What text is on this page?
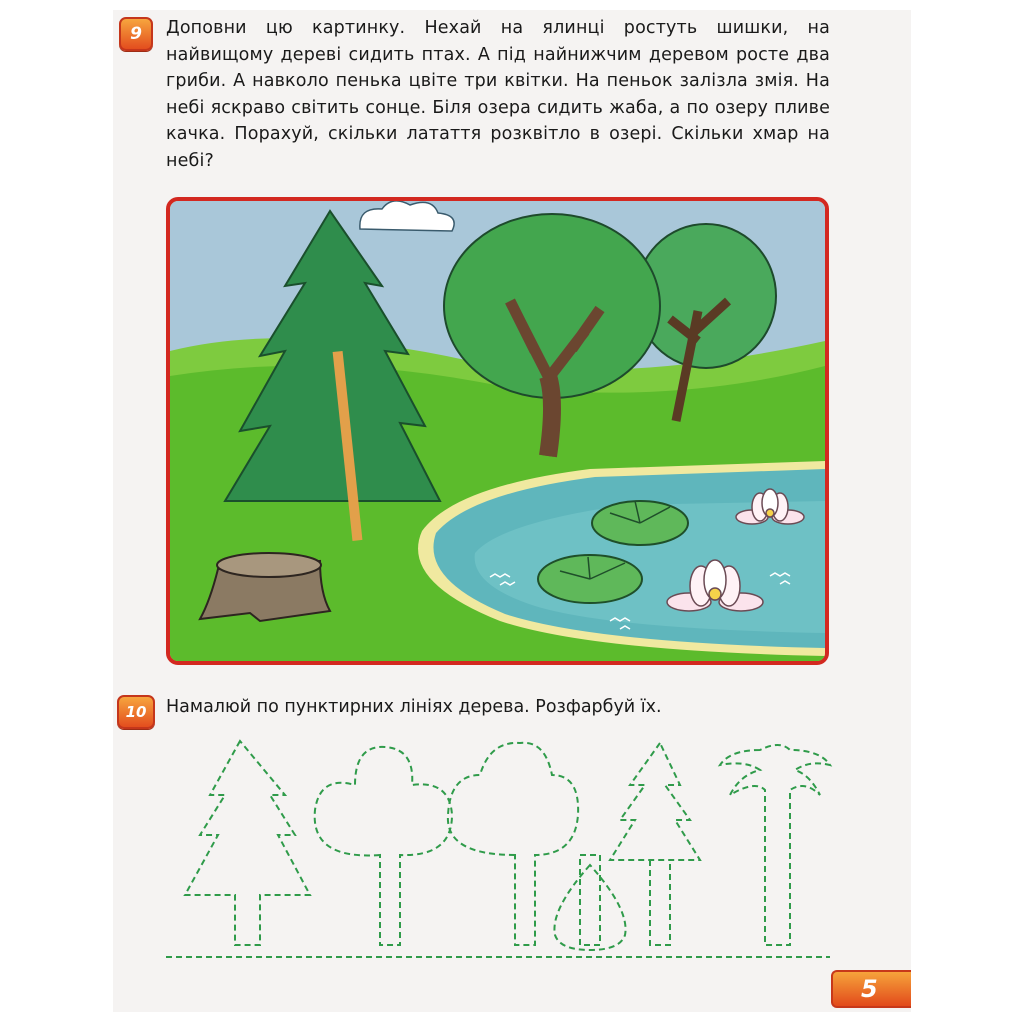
9 Доповни цю картинку. Нехай на ялинці ростуть шишки, на найвищому дереві сидить птах. А під найнижчим деревом росте два гриби. А навколо пенька цвіте три квітки. На пеньок залізла змія. На небі яскраво світить сонце. Біля озера сидить жаба, а по озеру пливе качка. Порахуй, скільки латаття розквітло в озері. Скільки хмар на небі?
10 Намалюй по пунктирних лініях дерева. Розфарбуй їх.
5
